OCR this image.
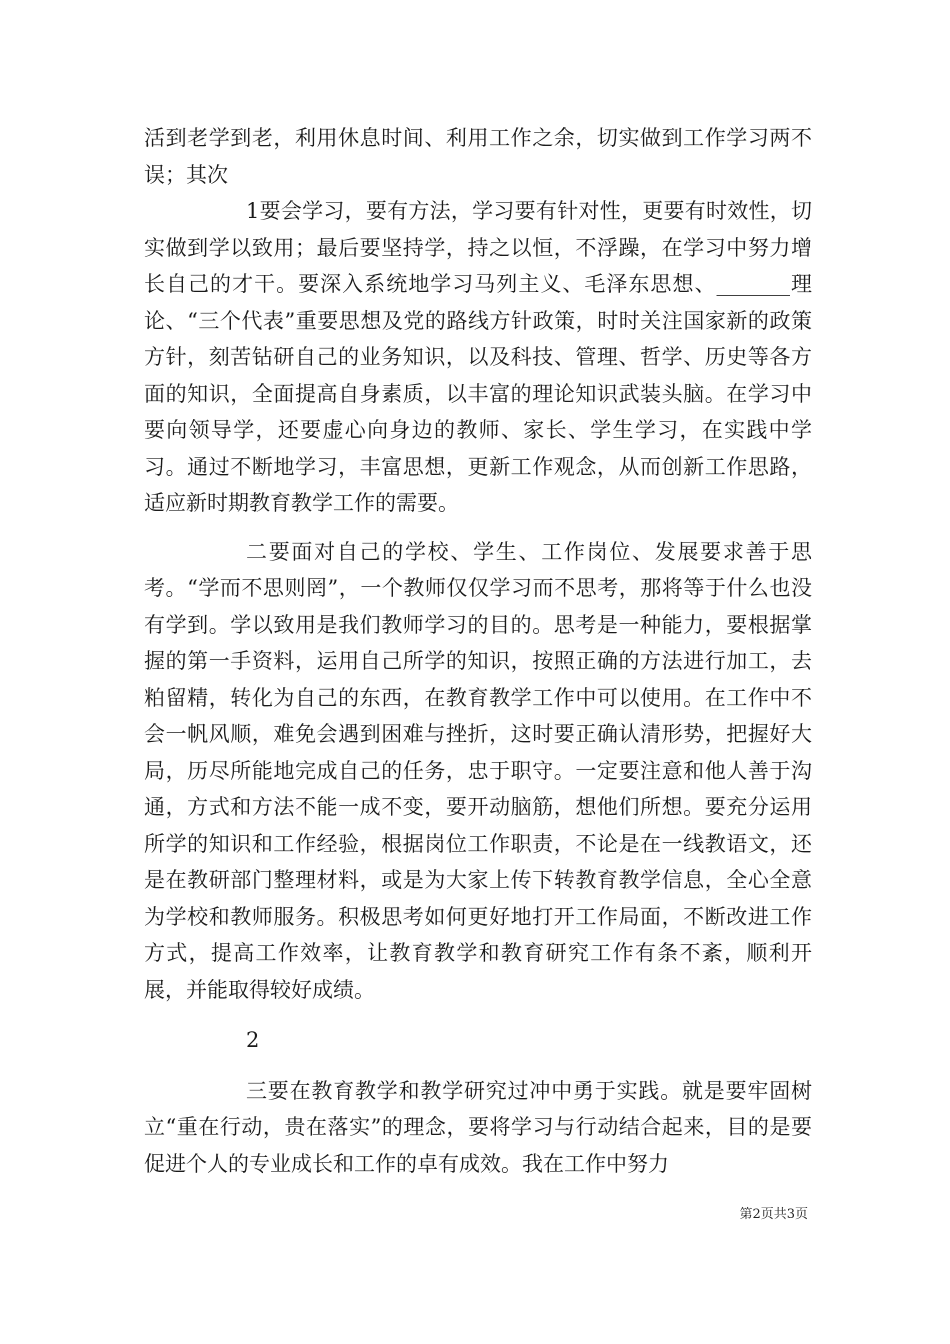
活到老学到老，利用休息时间、利用工作之余，切实做到工作学习两不误；其次

1要会学习，要有方法，学习要有针对性，更要有时效性，切实做到学以致用；最后要坚持学，持之以恒，不浮躁，在学习中努力增长自己的才干。要深入系统地学习马列主义、毛泽东思想、_______理论、“三个代表”重要思想及党的路线方针政策，时时关注国家新的政策方针，刻苦钻研自己的业务知识，以及科技、管理、哲学、历史等各方面的知识，全面提高自身素质，以丰富的理论知识武装头脑。在学习中要向领导学，还要虚心向身边的教师、家长、学生学习，在实践中学习。通过不断地学习，丰富思想，更新工作观念，从而创新工作思路，适应新时期教育教学工作的需要。

二要面对自己的学校、学生、工作岗位、发展要求善于思考。“学而不思则罔”，一个教师仅仅学习而不思考，那将等于什么也没有学到。学以致用是我们教师学习的目的。思考是一种能力，要根据掌握的第一手资料，运用自己所学的知识，按照正确的方法进行加工，去粕留精，转化为自己的东西，在教育教学工作中可以使用。在工作中不会一帆风顺，难免会遇到困难与挫折，这时要正确认清形势，把握好大局，历尽所能地完成自己的任务，忠于职守。一定要注意和他人善于沟通，方式和方法不能一成不变，要开动脑筋，想他们所想。要充分运用所学的知识和工作经验，根据岗位工作职责，不论是在一线教语文，还是在教研部门整理材料，或是为大家上传下转教育教学信息，全心全意为学校和教师服务。积极思考如何更好地打开工作局面，不断改进工作方式，提高工作效率，让教育教学和教育研究工作有条不紊，顺利开展，并能取得较好成绩。

2

三要在教育教学和教学研究过冲中勇于实践。就是要牢固树立“重在行动，贵在落实”的理念，要将学习与行动结合起来，目的是要促进个人的专业成长和工作的卓有成效。我在工作中努力

第2页共3页
